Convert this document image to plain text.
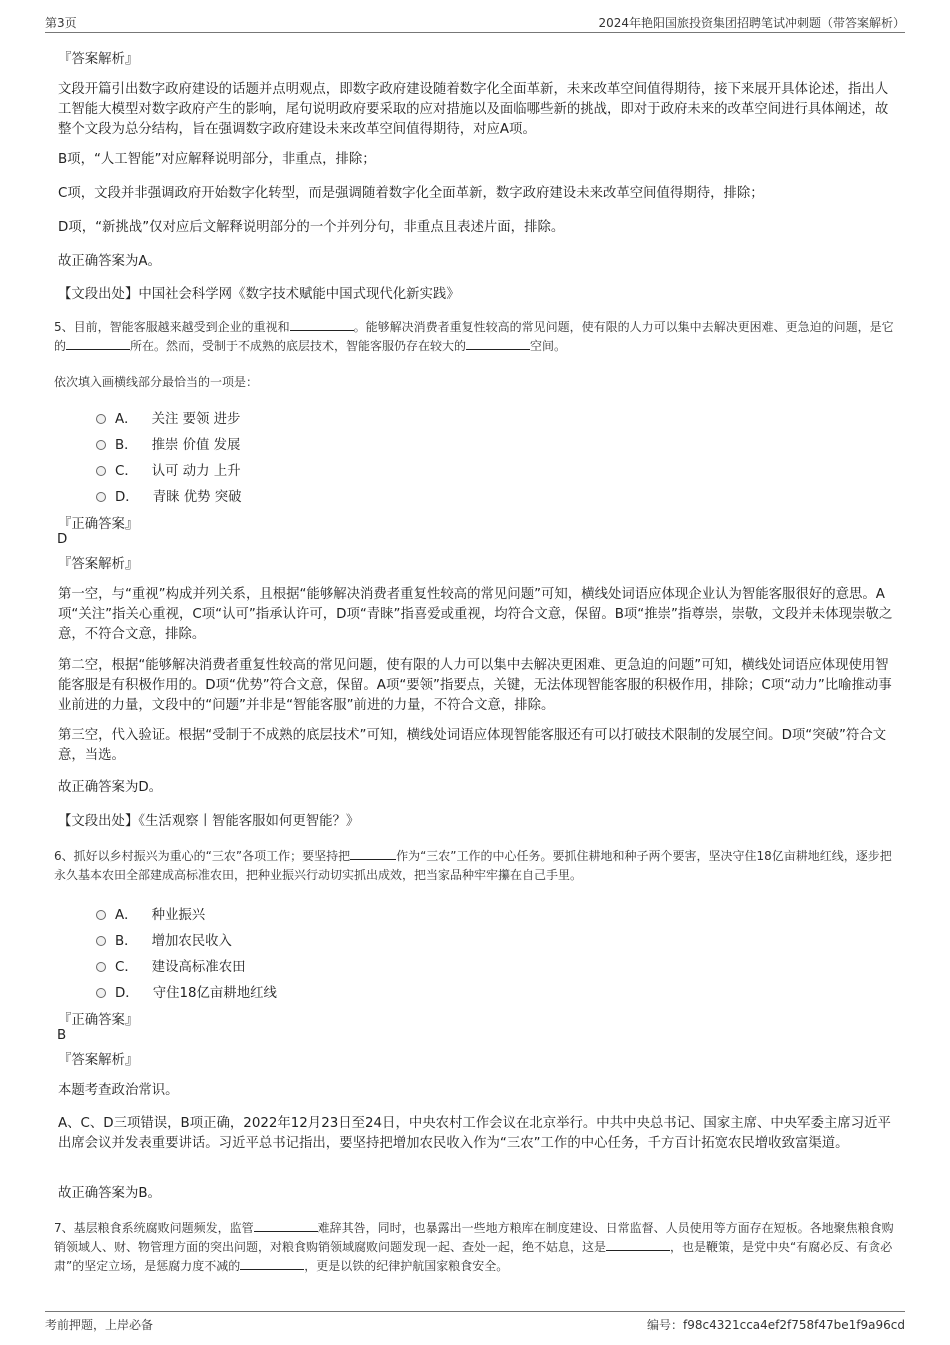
第3页	2024年艳阳国旅投资集团招聘笔试冲刺题（带答案解析）
『答案解析』
文段开篇引出数字政府建设的话题并点明观点，即数字政府建设随着数字化全面革新，未来改革空间值得期待，接下来展开具体论述，指出人工智能大模型对数字政府产生的影响，尾句说明政府要采取的应对措施以及面临哪些新的挑战，即对于政府未来的改革空间进行具体阐述，故整个文段为总分结构，旨在强调数字政府建设未来改革空间值得期待，对应A项。
B项，“人工智能”对应解释说明部分，非重点，排除；
C项，文段并非强调政府开始数字化转型，而是强调随着数字化全面革新，数字政府建设未来改革空间值得期待，排除；
D项，“新挑战”仅对应后文解释说明部分的一个并列分句，非重点且表述片面，排除。
故正确答案为A。
【文段出处】中国社会科学网《数字技术赋能中国式现代化新实践》
5、目前，智能客服越来越受到企业的重视和	。能够解决消费者重复性较高的常见问题，使有限的人力可以集中去解决更困难、更急迫的问题，是它的	所在。然而，受制于不成熟的底层技术，智能客服仍存在较大的	空间。
依次填入画横线部分最恰当的一项是：
A． 关注 要领 进步
B． 推崇 价值 发展
C． 认可 动力 上升
D． 青睐 优势 突破
『正确答案』
D
『答案解析』
第一空，与“重视”构成并列关系，且根据“能够解决消费者重复性较高的常见问题”可知，横线处词语应体现企业认为智能客服很好的意思。A项“关注”指关心重视，C项“认可”指承认许可，D项“青睐”指喜爱或重视，均符合文意，保留。B项“推崇”指尊崇，崇敬，文段并未体现崇敬之意，不符合文意，排除。
第二空，根据“能够解决消费者重复性较高的常见问题，使有限的人力可以集中去解决更困难、更急迫的问题”可知，横线处词语应体现使用智能客服是有积极作用的。D项“优势”符合文意，保留。A项“要领”指要点，关键，无法体现智能客服的积极作用，排除；C项“动力”比喻推动事业前进的力量，文段中的“问题”并非是“智能客服”前进的力量，不符合文意，排除。
第三空，代入验证。根据“受制于不成熟的底层技术”可知，横线处词语应体现智能客服还有可以打破技术限制的发展空间。D项“突破”符合文意，当选。
故正确答案为D。
【文段出处】《生活观察丨智能客服如何更智能？》
6、抓好以乡村振兴为重心的“三农”各项工作；要坚持把	作为“三农”工作的中心任务。要抓住耕地和种子两个要害，坚决守住18亿亩耕地红线，逐步把永久基本农田全部建成高标准农田，把种业振兴行动切实抓出成效，把当家品种牢牢攥在自己手里。
A． 种业振兴
B． 增加农民收入
C． 建设高标准农田
D． 守住18亿亩耕地红线
『正确答案』
B
『答案解析』
本题考查政治常识。
A、C、D三项错误，B项正确，2022年12月23日至24日，中央农村工作会议在北京举行。中共中央总书记、国家主席、中央军委主席习近平出席会议并发表重要讲话。习近平总书记指出，要坚持把增加农民收入作为“三农”工作的中心任务，千方百计拓宽农民增收致富渠道。
故正确答案为B。
7、基层粮食系统腐败问题频发，监管	难辞其咎，同时，也暴露出一些地方粮库在制度建设、日常监督、人员使用等方面存在短板。各地聚焦粮食购销领域人、财、物管理方面的突出问题，对粮食购销领域腐败问题发现一起、查处一起，绝不姑息，这是	，也是鞭策，是党中央“有腐必反、有贪必肃”的坚定立场，是惩腐力度不减的	，更是以铁的纪律护航国家粮食安全。
考前押题，上岸必备	编号：f98c4321cca4ef2f758f47be1f9a96cd
